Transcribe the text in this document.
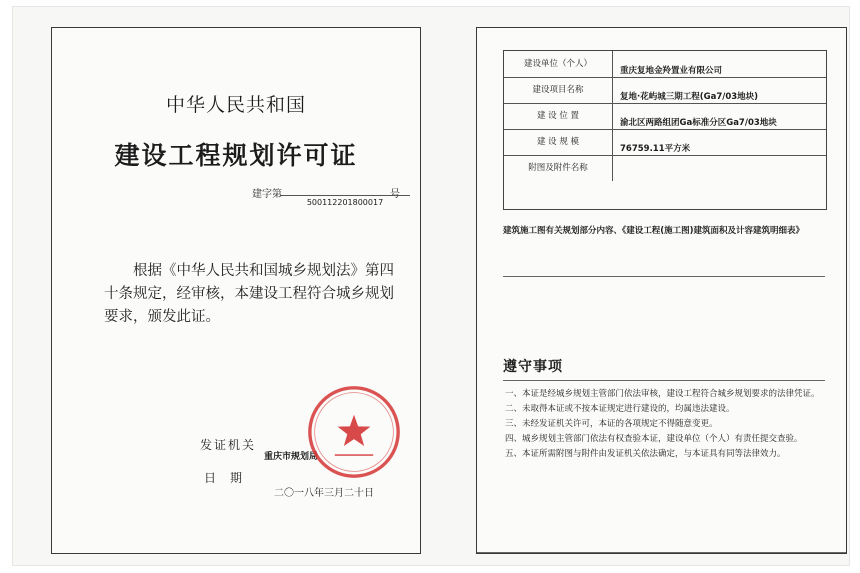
中华人民共和国
建设工程规划许可证
建字第	号
500112201800017
根据《中华人民共和国城乡规划法》第四十条规定，经审核，本建设工程符合城乡规划要求，颁发此证。
发证机关
重庆市规划局
日期
二〇一八年三月二十日
建设单位（个人）
重庆复地金羚置业有限公司
建设项目名称
复地·花屿城三期工程(Ga7/03地块)
建 设 位 置
渝北区两路组团Ga标准分区Ga7/03地块
建 设 规 模
76759.11平方米
附图及附件名称
建筑施工图有关规划部分内容、《建设工程(施工图)建筑面积及计容建筑明细表》
遵守事项
一、本证是经城乡规划主管部门依法审核，建设工程符合城乡规划要求的法律凭证。
二、未取得本证或不按本证规定进行建设的，均属违法建设。
三、未经发证机关许可，本证的各项规定不得随意变更。
四、城乡规划主管部门依法有权查验本证，建设单位（个人）有责任提交查验。
五、本证所需附图与附件由发证机关依法确定，与本证具有同等法律效力。
